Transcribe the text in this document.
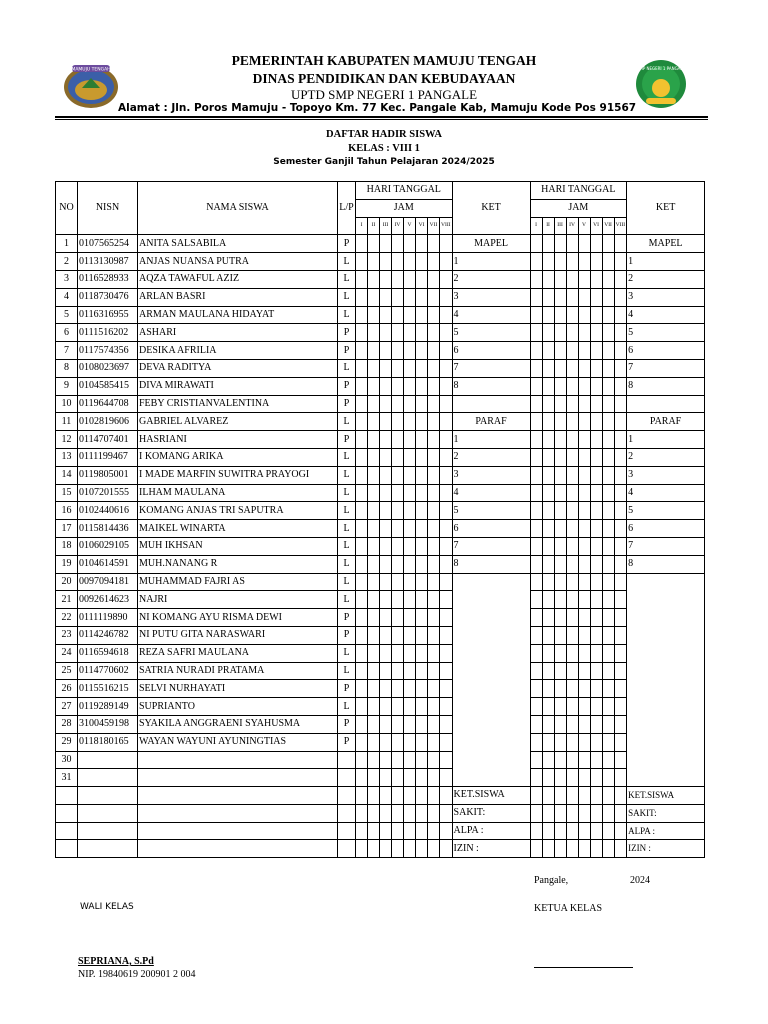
MAMUJU TENGAH	SMP NEGERI 1 PANGALE
PEMERINTAH KABUPATEN MAMUJU TENGAH
DINAS PENDIDIKAN DAN KEBUDAYAAN
UPTD SMP NEGERI 1 PANGALE
Alamat : Jln. Poros Mamuju - Topoyo Km. 77 Kec. Pangale Kab, Mamuju Kode Pos 91567
DAFTAR HADIR SISWA
KELAS : VIII 1
Semester Ganjil Tahun Pelajaran 2024/2025
NO	NISN	NAMA SISWA	L/P	HARI TANGGAL								KET	HARI TANGGAL								KET
				JAM									JAM								
				I	II	III	IV	V	VI	VII	VIII		I	II	III	IV	V	VI	VII	VIII	
1	0107565254	ANITA SALSABILA	P									MAPEL									MAPEL
2	0113130987	ANJAS NUANSA PUTRA	L									1									1
3	0116528933	AQZA TAWAFUL AZIZ	L									2									2
4	0118730476	ARLAN BASRI	L									3									3
5	0116316955	ARMAN MAULANA HIDAYAT	L									4									4
6	0111516202	ASHARI	P									5									5
7	0117574356	DESIKA AFRILIA	P									6									6
8	0108023697	DEVA RADITYA	L									7									7
9	0104585415	DIVA MIRAWATI	P									8									8
10	0119644708	FEBY CRISTIANVALENTINA	P																		
11	0102819606	GABRIEL ALVAREZ	L									PARAF									PARAF
12	0114707401	HASRIANI	P									1									1
13	0111199467	I KOMANG ARIKA	L									2									2
14	0119805001	I MADE MARFIN SUWITRA PRAYOGI	L									3									3
15	0107201555	ILHAM MAULANA	L									4									4
16	0102440616	KOMANG ANJAS TRI SAPUTRA	L									5									5
17	0115814436	MAIKEL WINARTA	L									6									6
18	0106029105	MUH IKHSAN	L									7									7
19	0104614591	MUH.NANANG R	L									8									8
20	0097094181	MUHAMMAD FAJRI AS	L																		
21	0092614623	NAJRI	L																		
22	0111119890	NI KOMANG AYU RISMA DEWI	P																		
23	0114246782	NI PUTU GITA NARASWARI	P																		
24	0116594618	REZA SAFRI MAULANA	L																		
25	0114770602	SATRIA NURADI PRATAMA	L																		
26	0115516215	SELVI NURHAYATI	P																		
27	0119289149	SUPRIANTO	L																		
28	3100459198	SYAKILA ANGGRAENI SYAHUSMA	P																		
29	0118180165	WAYAN WAYUNI AYUNINGTIAS	P																		
30																					
31																					
												KET.SISWA									KET.SISWA
												SAKIT:									SAKIT:
												ALPA :									ALPA :
												IZIN :									IZIN :
Pangale,	2024
WALI KELAS	KETUA KELAS
SEPRIANA, S.Pd
NIP. 19840619 200901 2 004
